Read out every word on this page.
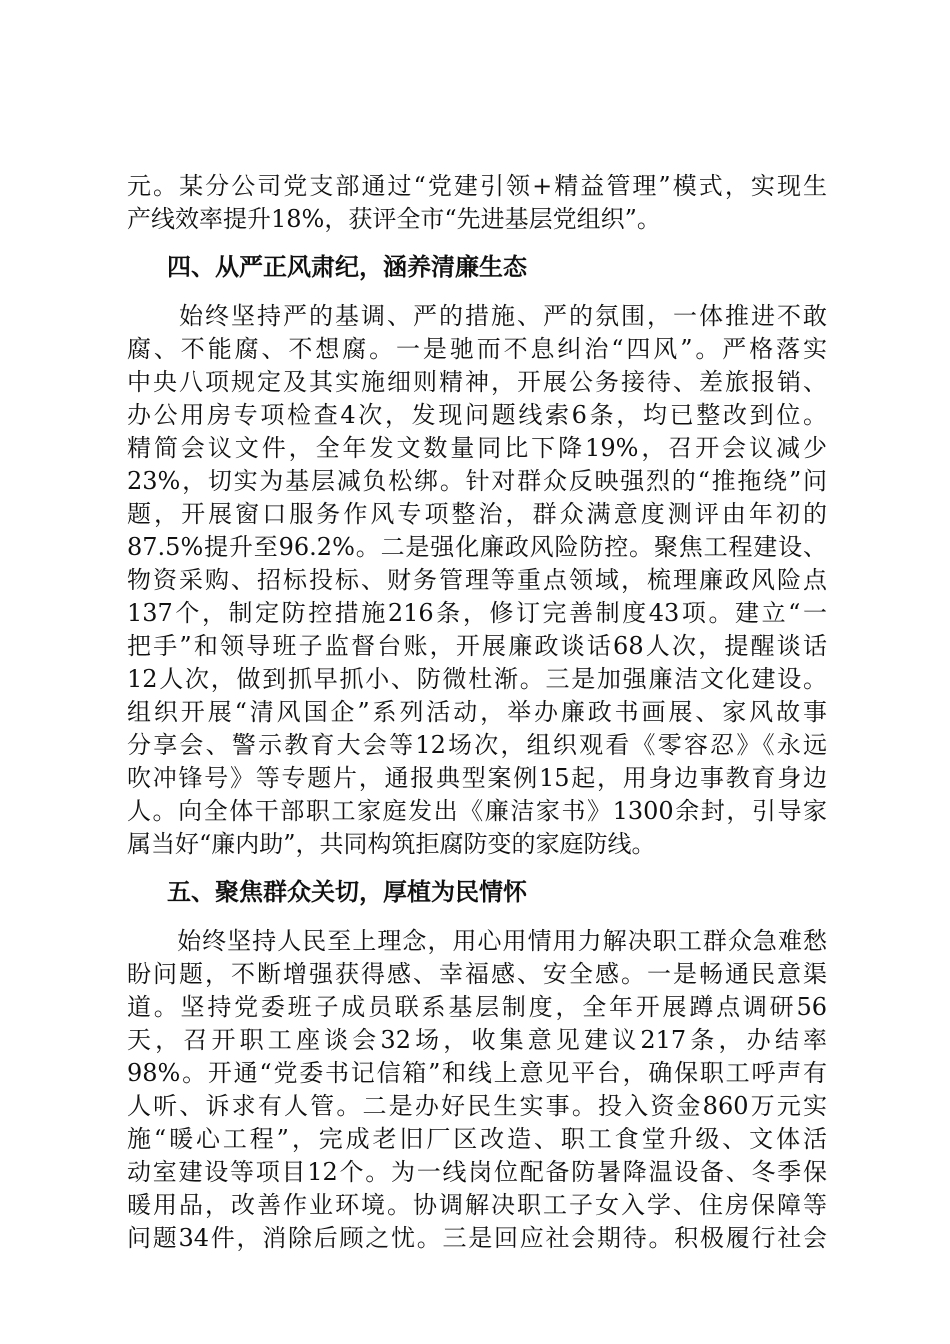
元。某分公司党支部通过“党建引领+精益管理”模式，实现生
产线效率提升18%，获评全市“先进基层党组织”。
四、从严正风肃纪，涵养清廉生态
　　始终坚持严的基调、严的措施、严的氛围，一体推进不敢
腐、不能腐、不想腐。一是驰而不息纠治“四风”。严格落实
中央八项规定及其实施细则精神，开展公务接待、差旅报销、
办公用房专项检查4次，发现问题线索6条，均已整改到位。
精简会议文件，全年发文数量同比下降19%，召开会议减少
23%，切实为基层减负松绑。针对群众反映强烈的“推拖绕”问
题，开展窗口服务作风专项整治，群众满意度测评由年初的
87.5%提升至96.2%。二是强化廉政风险防控。聚焦工程建设、
物资采购、招标投标、财务管理等重点领域，梳理廉政风险点
137个，制定防控措施216条，修订完善制度43项。建立“一
把手”和领导班子监督台账，开展廉政谈话68人次，提醒谈话
12人次，做到抓早抓小、防微杜渐。三是加强廉洁文化建设。
组织开展“清风国企”系列活动，举办廉政书画展、家风故事
分享会、警示教育大会等12场次，组织观看《零容忍》《永远
吹冲锋号》等专题片，通报典型案例15起，用身边事教育身边
人。向全体干部职工家庭发出《廉洁家书》1300余封，引导家
属当好“廉内助”，共同构筑拒腐防变的家庭防线。
五、聚焦群众关切，厚植为民情怀
　　始终坚持人民至上理念，用心用情用力解决职工群众急难愁
盼问题，不断增强获得感、幸福感、安全感。一是畅通民意渠
道。坚持党委班子成员联系基层制度，全年开展蹲点调研56
天，召开职工座谈会32场，收集意见建议217条，办结率
98%。开通“党委书记信箱”和线上意见平台，确保职工呼声有
人听、诉求有人管。二是办好民生实事。投入资金860万元实
施“暖心工程”，完成老旧厂区改造、职工食堂升级、文体活
动室建设等项目12个。为一线岗位配备防暑降温设备、冬季保
暖用品，改善作业环境。协调解决职工子女入学、住房保障等
问题34件，消除后顾之忧。三是回应社会期待。积极履行社会
